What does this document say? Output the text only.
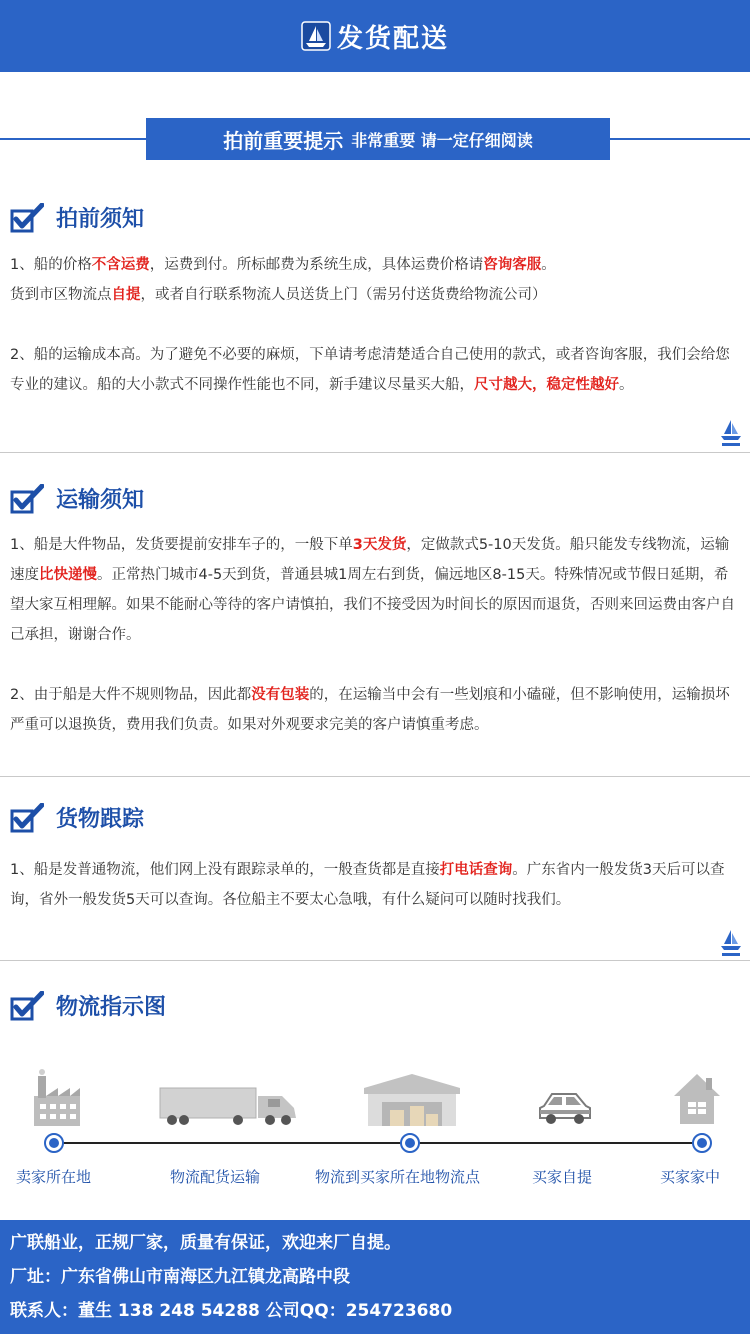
发货配送
拍前重要提示 非常重要 请一定仔细阅读
拍前须知
1、船的价格不含运费，运费到付。所标邮费为系统生成，具体运费价格请咨询客服。
货到市区物流点自提，或者自行联系物流人员送货上门（需另付送货费给物流公司）
2、船的运输成本高。为了避免不必要的麻烦，下单请考虑清楚适合自己使用的款式，或者咨询客服，我们会给您专业的建议。船的大小款式不同操作性能也不同，新手建议尽量买大船，尺寸越大，稳定性越好。
运输须知
1、船是大件物品，发货要提前安排车子的，一般下单3天发货，定做款式5-10天发货。船只能发专线物流，运输速度比快递慢。正常热门城市4-5天到货，普通县城1周左右到货，偏远地区8-15天。特殊情况或节假日延期，希望大家互相理解。如果不能耐心等待的客户请慎拍，我们不接受因为时间长的原因而退货，否则来回运费由客户自己承担，谢谢合作。
2、由于船是大件不规则物品，因此都没有包装的，在运输当中会有一些划痕和小磕碰，但不影响使用，运输损坏严重可以退换货，费用我们负责。如果对外观要求完美的客户请慎重考虑。
货物跟踪
1、船是发普通物流，他们网上没有跟踪录单的，一般查货都是直接打电话查询。广东省内一般发货3天后可以查询，省外一般发货5天可以查询。各位船主不要太心急哦，有什么疑问可以随时找我们。
物流指示图
卖家所在地	物流配货运输	物流到买家所在地物流点	买家自提	买家家中
广联船业，正规厂家，质量有保证，欢迎来厂自提。
厂址：广东省佛山市南海区九江镇龙高路中段
联系人：董生 138 248 54288 公司QQ：254723680
